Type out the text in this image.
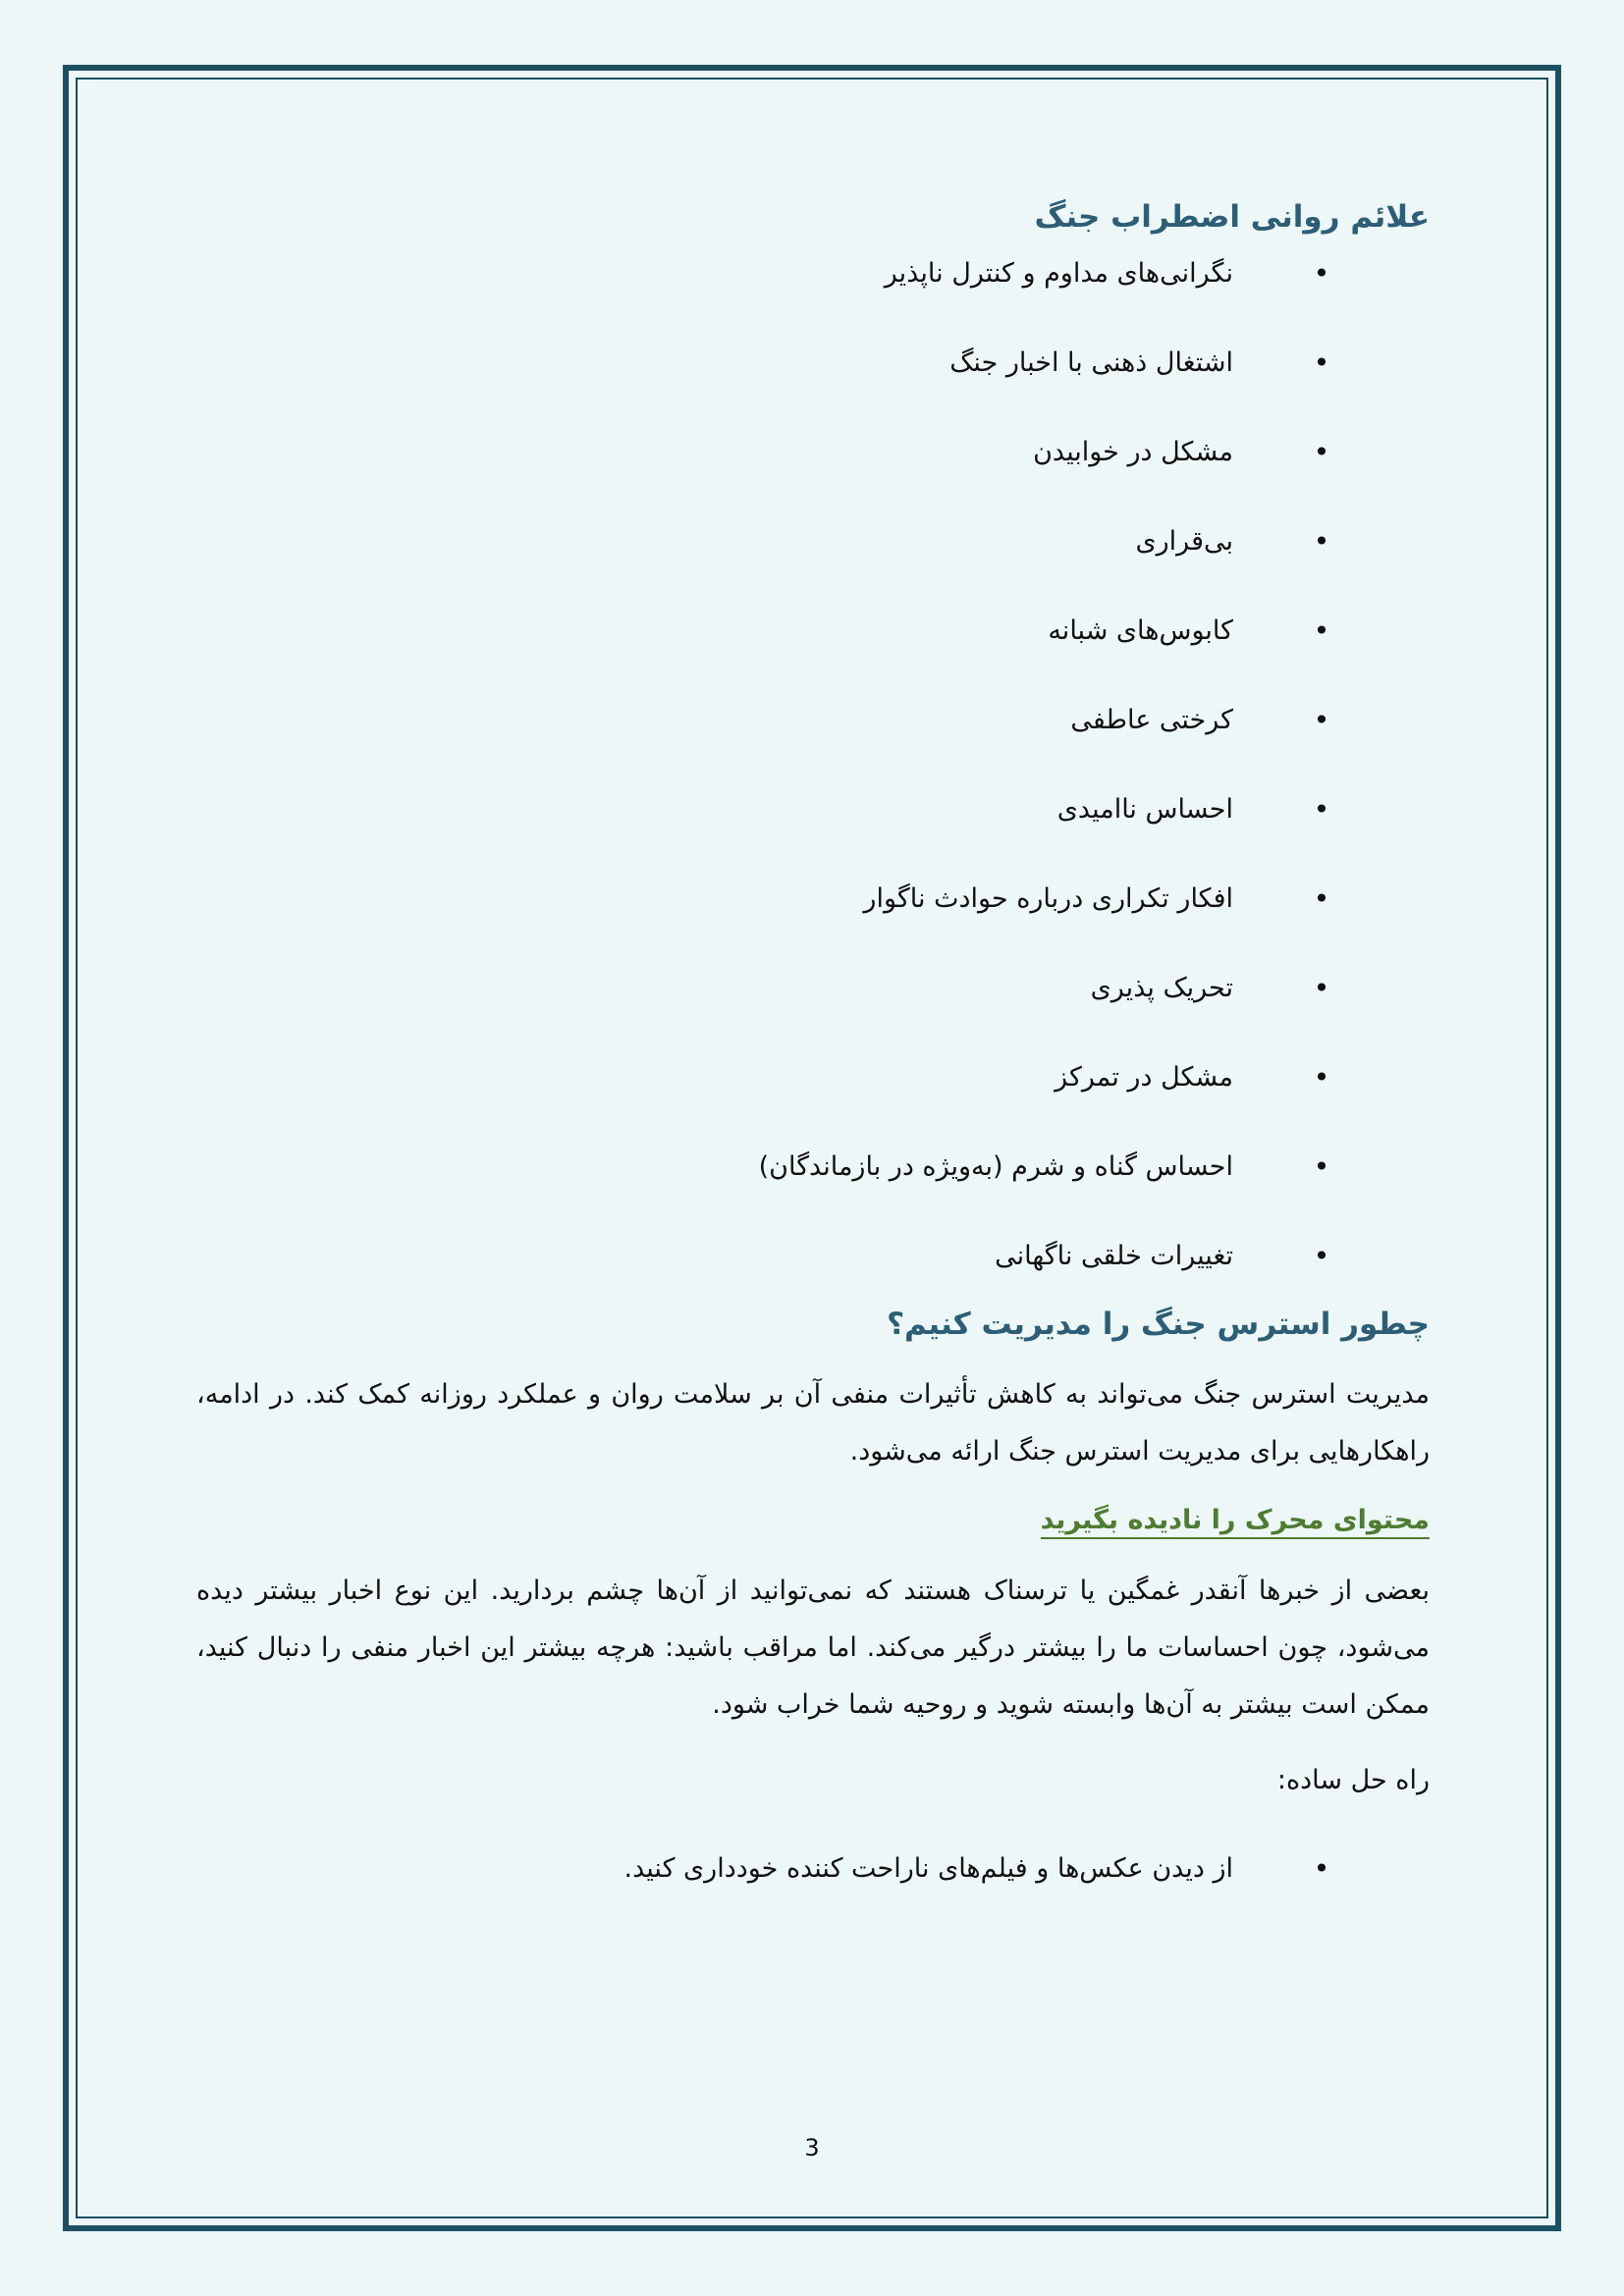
علائم روانی اضطراب جنگ
•
نگرانی‌های مداوم و کنترل ناپذیر
•
اشتغال ذهنی با اخبار جنگ
•
مشکل در خوابیدن
•
بی‌قراری
•
کابوس‌های شبانه
•
کرختی عاطفی
•
احساس ناامیدی
•
افکار تکراری درباره حوادث ناگوار
•
تحریک پذیری
•
مشکل در تمرکز
•
احساس گناه و شرم (به‌ویژه در بازماندگان)
•
تغییرات خلقی ناگهانی
چطور استرس جنگ را مدیریت کنیم؟

مدیریت استرس جنگ می‌تواند به کاهش تأثیرات منفی آن بر سلامت روان و عملکرد روزانه کمک کند. در ادامه، راهکارهایی برای مدیریت استرس جنگ ارائه می‌شود.

محتوای محرک را نادیده بگیرید

بعضی از خبرها آنقدر غمگین یا ترسناک هستند که نمی‌توانید از آن‌ها چشم بردارید. این نوع اخبار بیشتر دیده می‌شود، چون احساسات ما را بیشتر درگیر می‌کند. اما مراقب باشید: هرچه بیشتر این اخبار منفی را دنبال کنید، ممکن است بیشتر به آن‌ها وابسته شوید و روحیه شما خراب شود.

راه حل ساده:

•
از دیدن عکس‌ها و فیلم‌های ناراحت کننده خودداری کنید.
3
